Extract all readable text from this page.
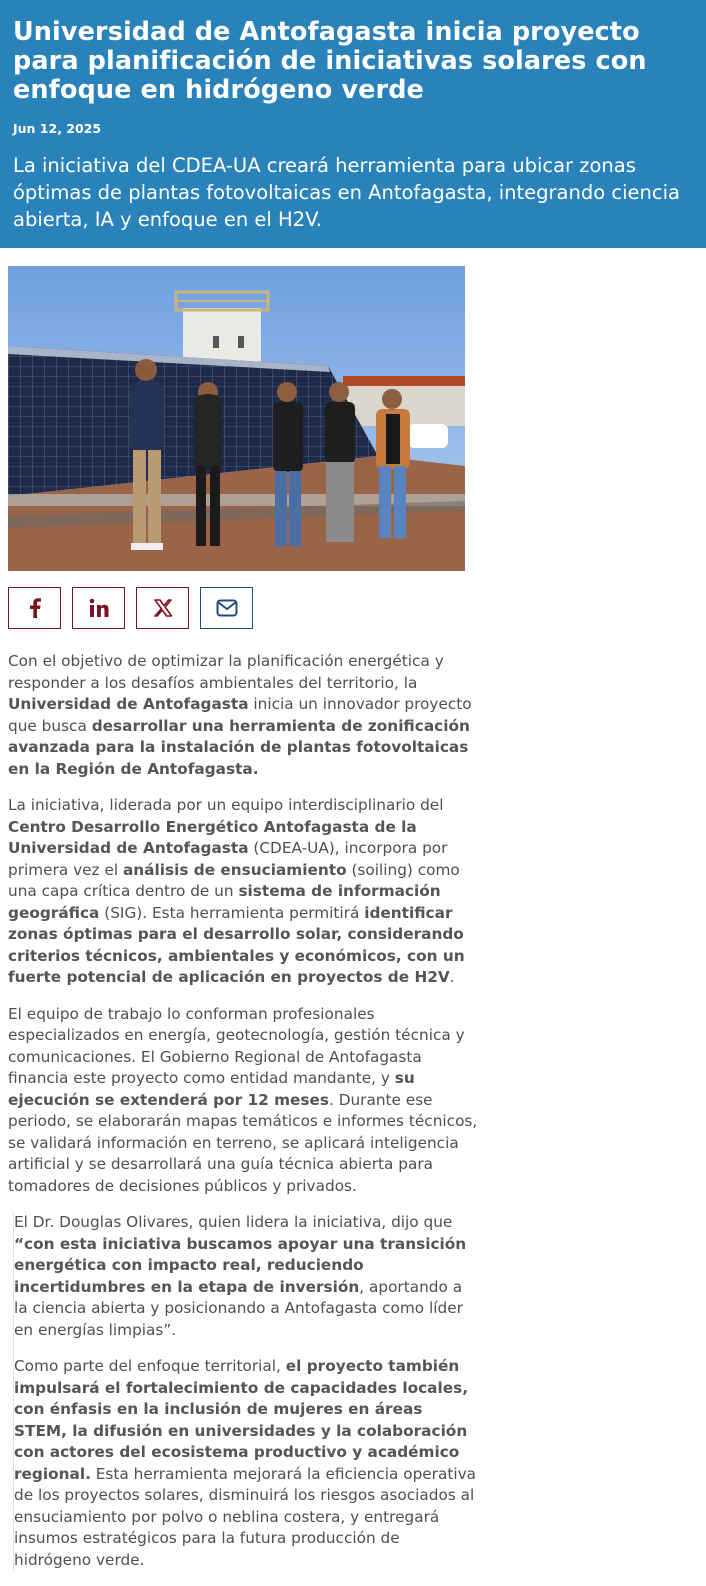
Universidad de Antofagasta inicia proyecto para planificación de iniciativas solares con enfoque en hidrógeno verde
Jun 12, 2025
La iniciativa del CDEA-UA creará herramienta para ubicar zonas óptimas de plantas fotovoltaicas en Antofagasta, integrando ciencia abierta, IA y enfoque en el H2V.

Con el objetivo de optimizar la planificación energética y responder a los desafíos ambientales del territorio, la Universidad de Antofagasta inicia un innovador proyecto que busca desarrollar una herramienta de zonificación avanzada para la instalación de plantas fotovoltaicas en la Región de Antofagasta.

La iniciativa, liderada por un equipo interdisciplinario del Centro Desarrollo Energético Antofagasta de la Universidad de Antofagasta (CDEA-UA), incorpora por primera vez el análisis de ensuciamiento (soiling) como una capa crítica dentro de un sistema de información geográfica (SIG). Esta herramienta permitirá identificar zonas óptimas para el desarrollo solar, considerando criterios técnicos, ambientales y económicos, con un fuerte potencial de aplicación en proyectos de H2V.

El equipo de trabajo lo conforman profesionales especializados en energía, geotecnología, gestión técnica y comunicaciones. El Gobierno Regional de Antofagasta financia este proyecto como entidad mandante, y su ejecución se extenderá por 12 meses. Durante ese periodo, se elaborarán mapas temáticos e informes técnicos, se validará información en terreno, se aplicará inteligencia artificial y se desarrollará una guía técnica abierta para tomadores de decisiones públicos y privados.

El Dr. Douglas Olivares, quien lidera la iniciativa, dijo que “con esta iniciativa buscamos apoyar una transición energética con impacto real, reduciendo incertidumbres en la etapa de inversión, aportando a la ciencia abierta y posicionando a Antofagasta como líder en energías limpias”.

Como parte del enfoque territorial, el proyecto también impulsará el fortalecimiento de capacidades locales, con énfasis en la inclusión de mujeres en áreas STEM, la difusión en universidades y la colaboración con actores del ecosistema productivo y académico regional. Esta herramienta mejorará la eficiencia operativa de los proyectos solares, disminuirá los riesgos asociados al ensuciamiento por polvo o neblina costera, y entregará insumos estratégicos para la futura producción de hidrógeno verde.
